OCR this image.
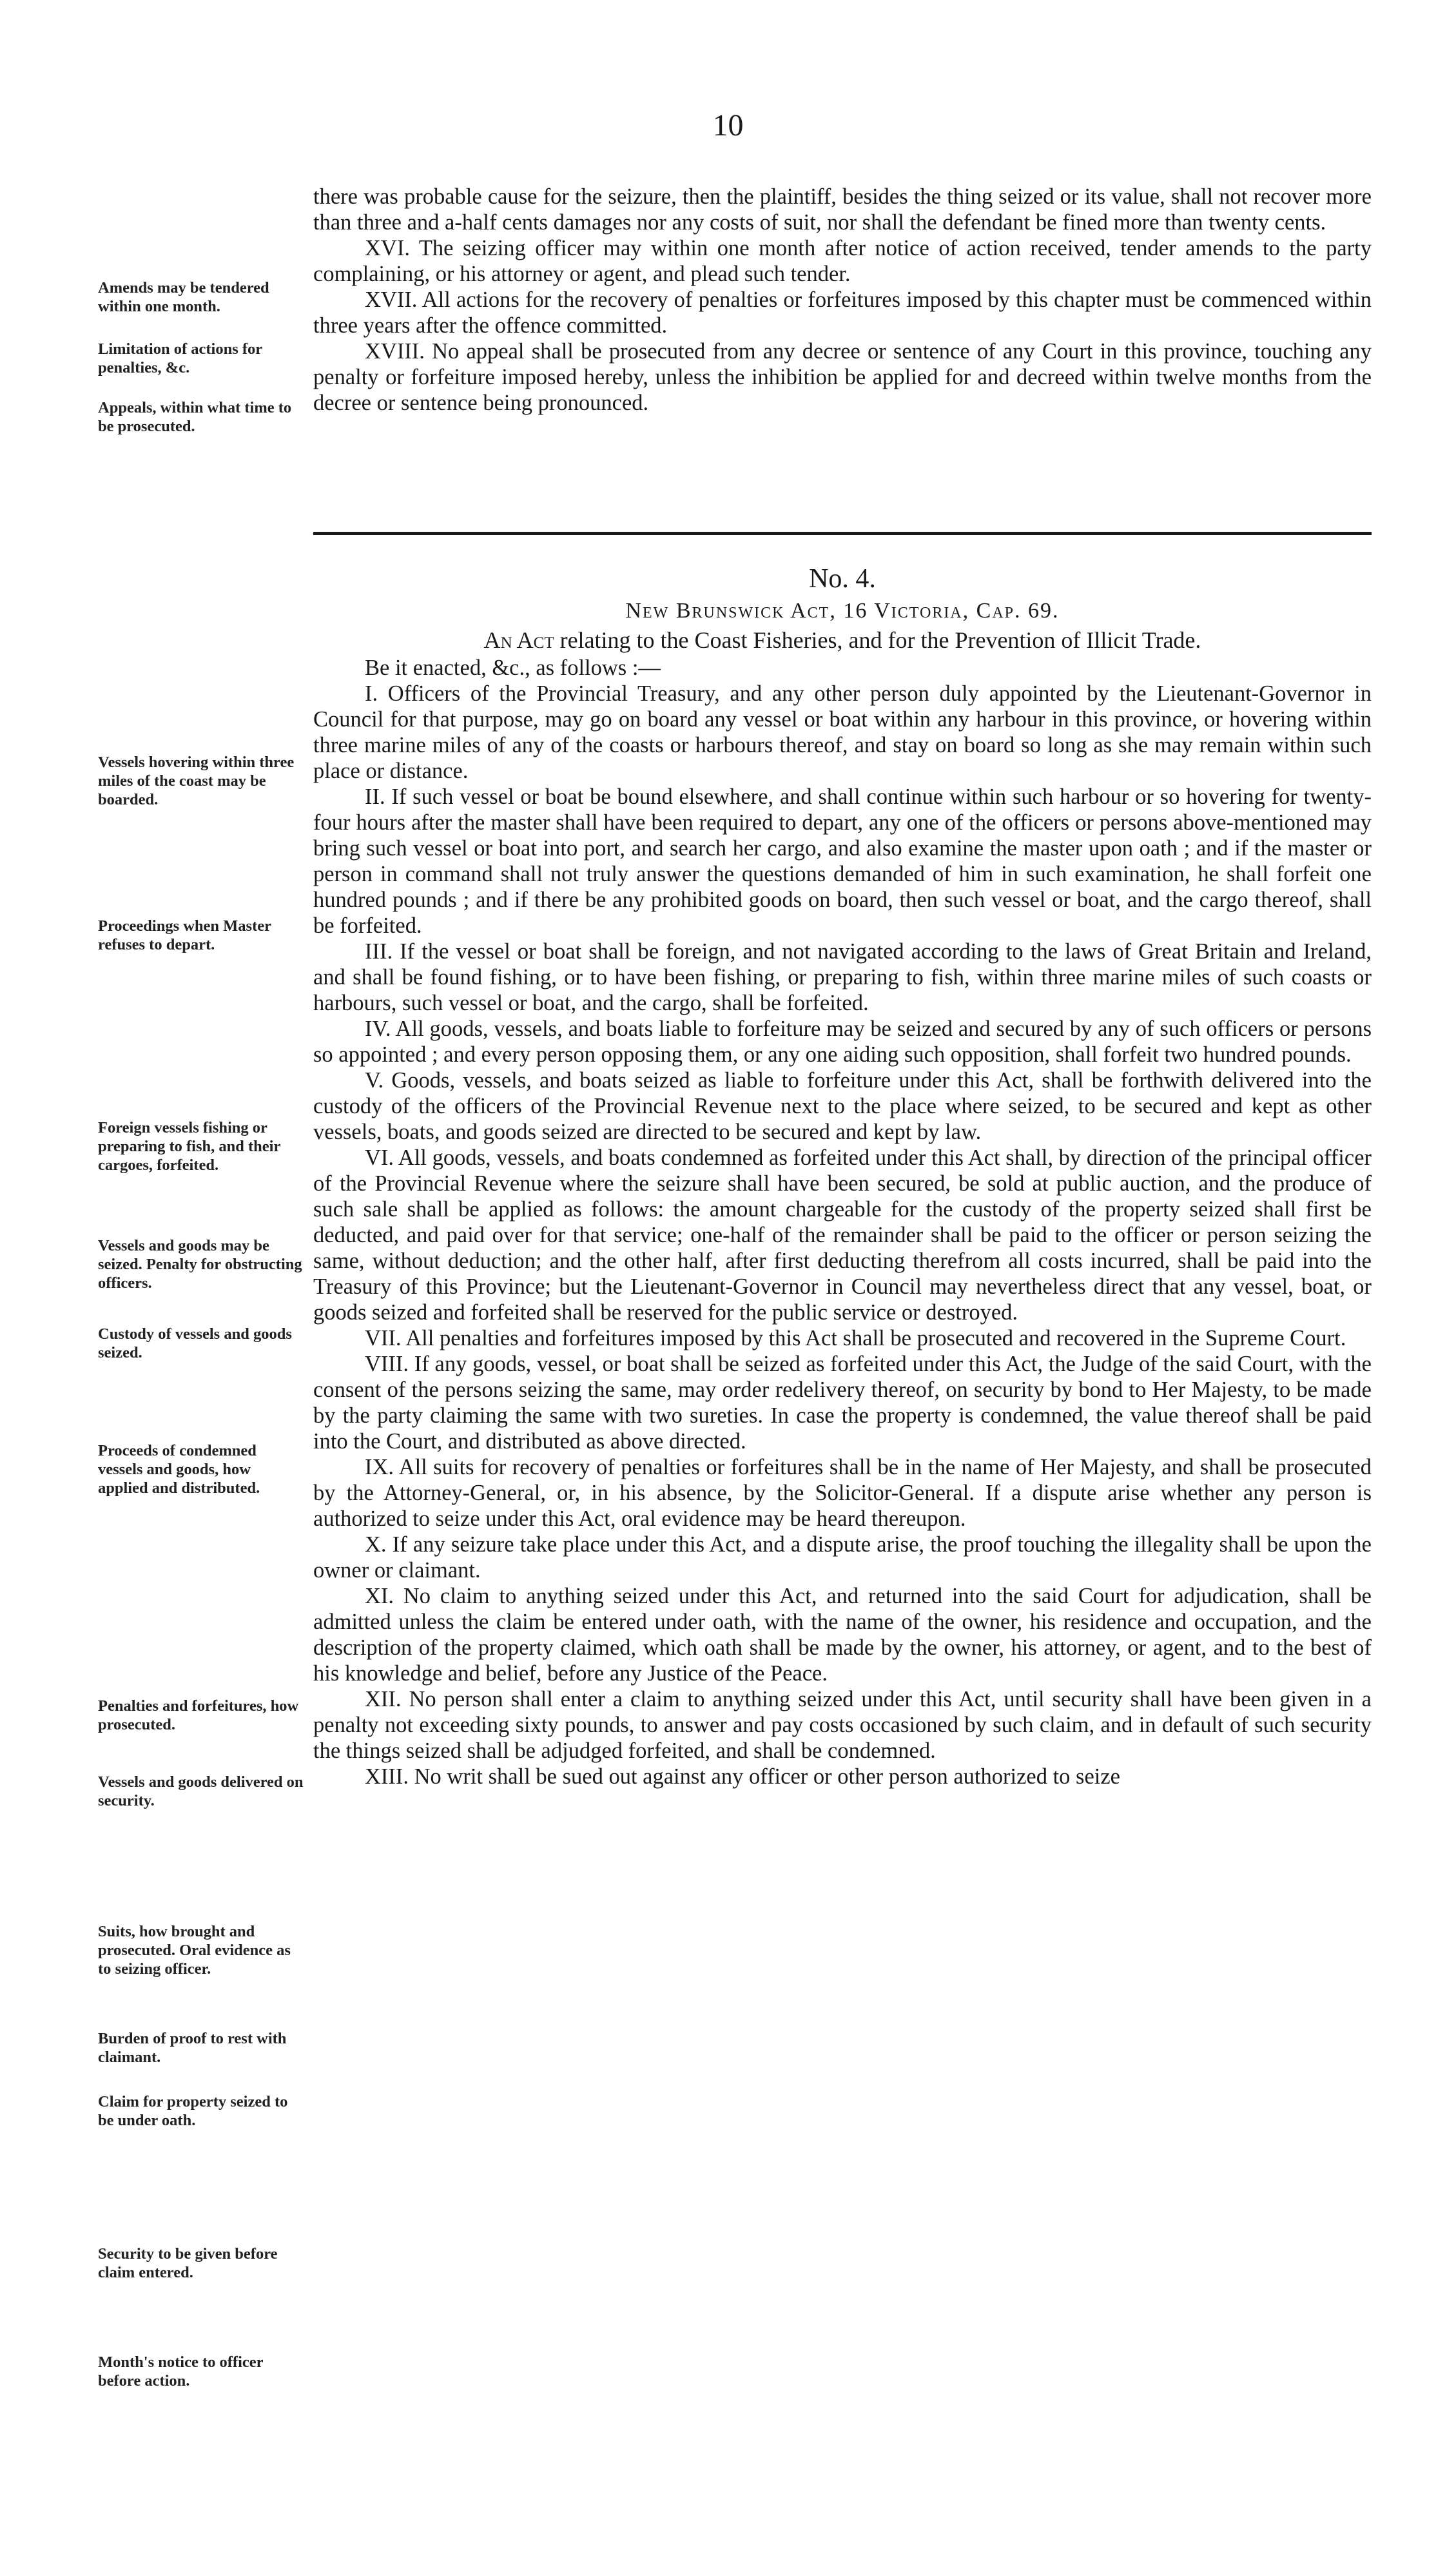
10

there was probable cause for the seizure, then the plaintiff, besides the thing seized or its value, shall not recover more than three and a-half cents damages nor any costs of suit, nor shall the defendant be fined more than twenty cents.

XVI. The seizing officer may within one month after notice of action received, tender amends to the party complaining, or his attorney or agent, and plead such tender.

XVII. All actions for the recovery of penalties or forfeitures imposed by this chapter must be commenced within three years after the offence committed.

XVIII. No appeal shall be prosecuted from any decree or sentence of any Court in this province, touching any penalty or forfeiture imposed hereby, unless the inhibition be applied for and decreed within twelve months from the decree or sentence being pronounced.

No. 4.

New Brunswick Act, 16 Victoria, Cap. 69.

An Act relating to the Coast Fisheries, and for the Prevention of Illicit Trade.

Be it enacted, &c., as follows :—

I. Officers of the Provincial Treasury, and any other person duly appointed by the Lieutenant-Governor in Council for that purpose, may go on board any vessel or boat within any harbour in this province, or hovering within three marine miles of any of the coasts or harbours thereof, and stay on board so long as she may remain within such place or distance.

II. If such vessel or boat be bound elsewhere, and shall continue within such harbour or so hovering for twenty-four hours after the master shall have been required to depart, any one of the officers or persons above-mentioned may bring such vessel or boat into port, and search her cargo, and also examine the master upon oath ; and if the master or person in command shall not truly answer the questions demanded of him in such examination, he shall forfeit one hundred pounds ; and if there be any prohibited goods on board, then such vessel or boat, and the cargo thereof, shall be forfeited.

III. If the vessel or boat shall be foreign, and not navigated according to the laws of Great Britain and Ireland, and shall be found fishing, or to have been fishing, or preparing to fish, within three marine miles of such coasts or harbours, such vessel or boat, and the cargo, shall be forfeited.

IV. All goods, vessels, and boats liable to forfeiture may be seized and secured by any of such officers or persons so appointed ; and every person opposing them, or any one aiding such opposition, shall forfeit two hundred pounds.

V. Goods, vessels, and boats seized as liable to forfeiture under this Act, shall be forthwith delivered into the custody of the officers of the Provincial Revenue next to the place where seized, to be secured and kept as other vessels, boats, and goods seized are directed to be secured and kept by law.

VI. All goods, vessels, and boats condemned as forfeited under this Act shall, by direction of the principal officer of the Provincial Revenue where the seizure shall have been secured, be sold at public auction, and the produce of such sale shall be applied as follows: the amount chargeable for the custody of the property seized shall first be deducted, and paid over for that service; one-half of the remainder shall be paid to the officer or person seizing the same, without deduction; and the other half, after first deducting therefrom all costs incurred, shall be paid into the Treasury of this Province; but the Lieutenant-Governor in Council may nevertheless direct that any vessel, boat, or goods seized and forfeited shall be reserved for the public service or destroyed.

VII. All penalties and forfeitures imposed by this Act shall be prosecuted and recovered in the Supreme Court.

VIII. If any goods, vessel, or boat shall be seized as forfeited under this Act, the Judge of the said Court, with the consent of the persons seizing the same, may order redelivery thereof, on security by bond to Her Majesty, to be made by the party claiming the same with two sureties. In case the property is condemned, the value thereof shall be paid into the Court, and distributed as above directed.

IX. All suits for recovery of penalties or forfeitures shall be in the name of Her Majesty, and shall be prosecuted by the Attorney-General, or, in his absence, by the Solicitor-General. If a dispute arise whether any person is authorized to seize under this Act, oral evidence may be heard thereupon.

X. If any seizure take place under this Act, and a dispute arise, the proof touching the illegality shall be upon the owner or claimant.

XI. No claim to anything seized under this Act, and returned into the said Court for adjudication, shall be admitted unless the claim be entered under oath, with the name of the owner, his residence and occupation, and the description of the property claimed, which oath shall be made by the owner, his attorney, or agent, and to the best of his knowledge and belief, before any Justice of the Peace.

XII. No person shall enter a claim to anything seized under this Act, until security shall have been given in a penalty not exceeding sixty pounds, to answer and pay costs occasioned by such claim, and in default of such security the things seized shall be adjudged forfeited, and shall be condemned.

XIII. No writ shall be sued out against any officer or other person authorized to seize

Amends may be tendered within one month.
Limitation of actions for penalties, &c.
Appeals, within what time to be prosecuted.
Vessels hovering within three miles of the coast may be boarded.
Proceedings when Master refuses to depart.
Foreign vessels fishing or preparing to fish, and their cargoes, forfeited.
Vessels and goods may be seized. Penalty for obstructing officers.
Custody of vessels and goods seized.
Proceeds of condemned vessels and goods, how applied and distributed.
Penalties and forfeitures, how prosecuted.
Vessels and goods delivered on security.
Suits, how brought and prosecuted. Oral evidence as to seizing officer.
Burden of proof to rest with claimant.
Claim for property seized to be under oath.
Security to be given before claim entered.
Month's notice to officer before action.
